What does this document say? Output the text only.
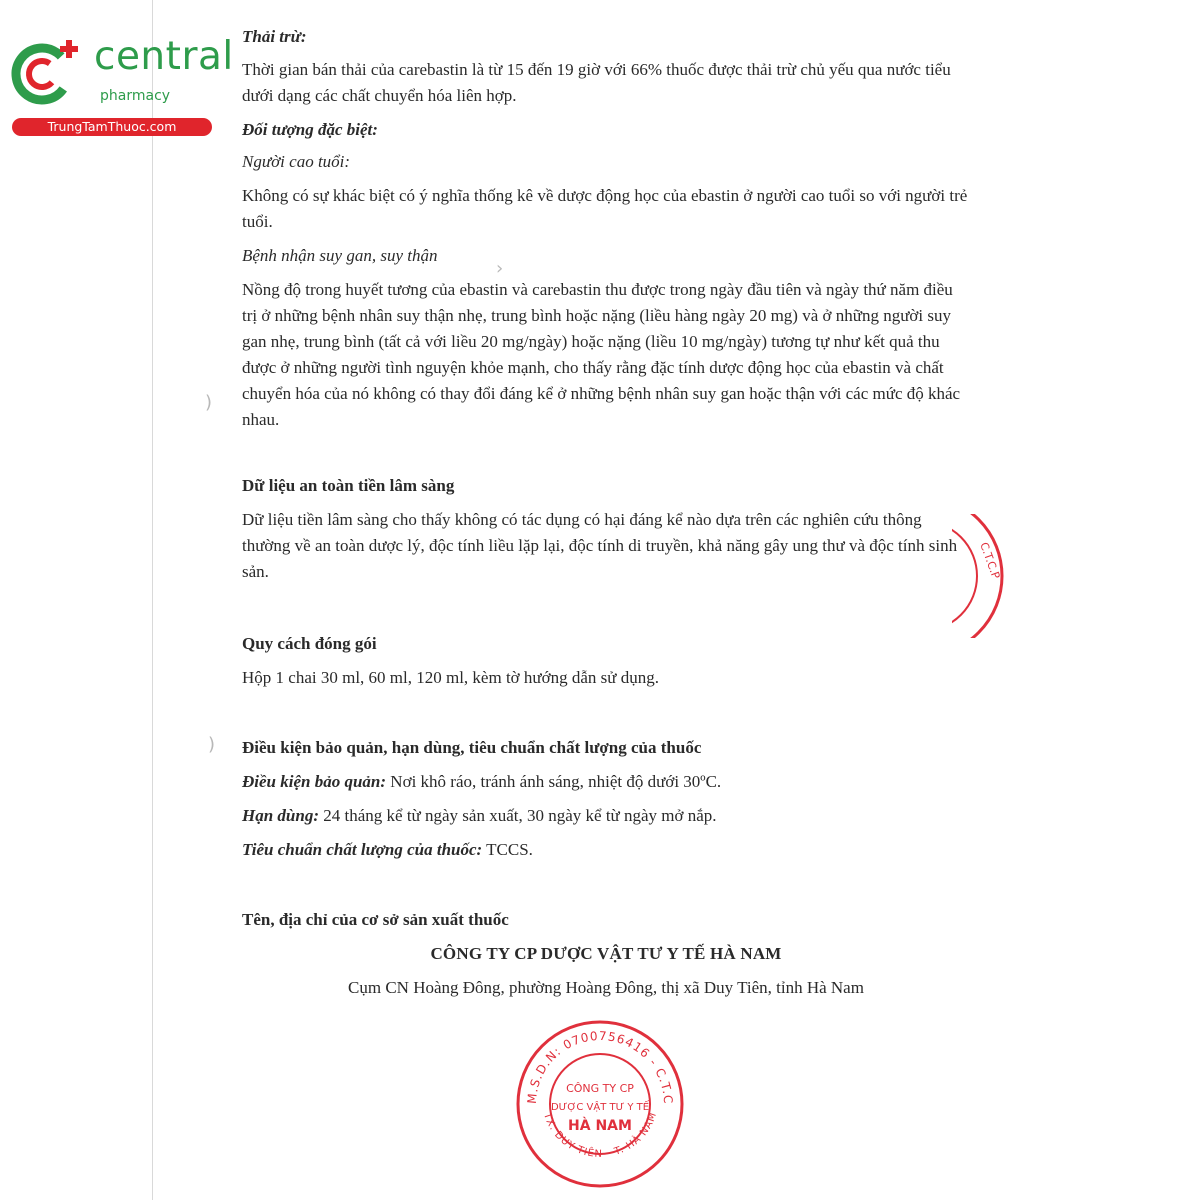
central
pharmacy
TrungTamThuoc.com

Thải trừ:

Thời gian bán thải của carebastin là từ 15 đến 19 giờ với 66% thuốc được thải trừ chủ yếu qua nước tiểu dưới dạng các chất chuyển hóa liên hợp.

Đối tượng đặc biệt:

Người cao tuổi:

Không có sự khác biệt có ý nghĩa thống kê về dược động học của ebastin ở người cao tuổi so với người trẻ tuổi.

Bệnh nhận suy gan, suy thận

Nồng độ trong huyết tương của ebastin và carebastin thu được trong ngày đầu tiên và ngày thứ năm điều trị ở những bệnh nhân suy thận nhẹ, trung bình hoặc nặng (liều hàng ngày 20 mg) và ở những người suy gan nhẹ, trung bình (tất cả với liều 20 mg/ngày) hoặc nặng (liều 10 mg/ngày) tương tự như kết quả thu được ở những người tình nguyện khỏe mạnh, cho thấy rằng đặc tính dược động học của ebastin và chất chuyển hóa của nó không có thay đổi đáng kể ở những bệnh nhân suy gan hoặc thận với các mức độ khác nhau.

Dữ liệu an toàn tiền lâm sàng

Dữ liệu tiền lâm sàng cho thấy không có tác dụng có hại đáng kể nào dựa trên các nghiên cứu thông thường về an toàn dược lý, độc tính liều lặp lại, độc tính di truyền, khả năng gây ung thư và độc tính sinh sản.

Quy cách đóng gói

Hộp 1 chai 30 ml, 60 ml, 120 ml, kèm tờ hướng dẫn sử dụng.

Điều kiện bảo quản, hạn dùng, tiêu chuẩn chất lượng của thuốc

Điều kiện bảo quản: Nơi khô ráo, tránh ánh sáng, nhiệt độ dưới 30ºC.

Hạn dùng: 24 tháng kể từ ngày sản xuất, 30 ngày kể từ ngày mở nắp.

Tiêu chuẩn chất lượng của thuốc: TCCS.

Tên, địa chỉ của cơ sở sản xuất thuốc

CÔNG TY CP DƯỢC VẬT TƯ Y TẾ HÀ NAM

Cụm CN Hoàng Đông, phường Hoàng Đông, thị xã Duy Tiên, tỉnh Hà Nam

C.T.C.P
M.S.D.N: 0700756416 - C.T.C
TX. DUY TIÊN - T. HÀ NAM
CÔNG TY CP
DƯỢC VẬT TƯ Y TẾ
HÀ NAM
)
)
›
